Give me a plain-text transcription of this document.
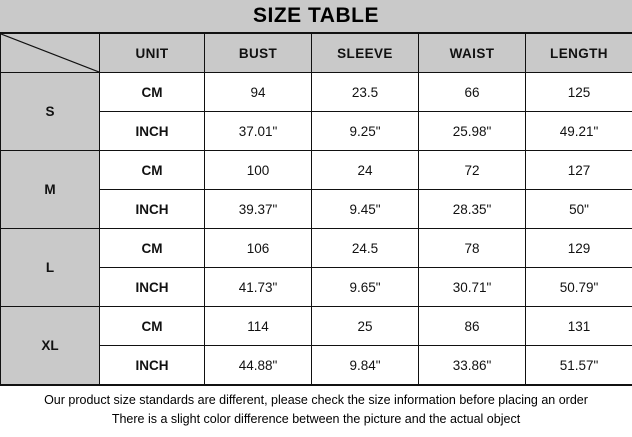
SIZE TABLE
	UNIT	BUST	SLEEVE	WAIST	LENGTH
S	CM	94	23.5	66	125
	INCH	37.01"	9.25"	25.98"	49.21"
M	CM	100	24	72	127
	INCH	39.37"	9.45"	28.35"	50"
L	CM	106	24.5	78	129
	INCH	41.73"	9.65"	30.71"	50.79"
XL	CM	114	25	86	131
	INCH	44.88"	9.84"	33.86"	51.57"
Our product size standards are different, please check the size information before placing an order
There is a slight color difference between the picture and the actual object
